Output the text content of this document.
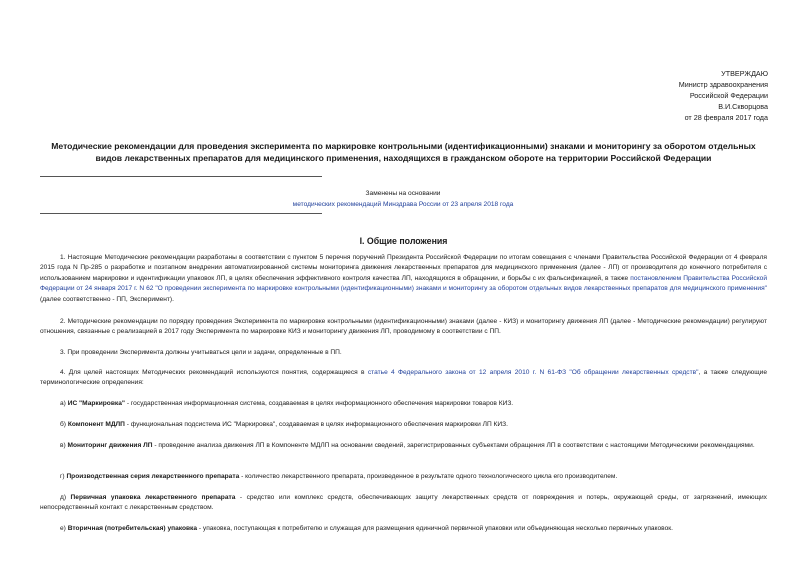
УТВЕРЖДАЮ
Министр здравоохранения
Российской Федерации
В.И.Скворцова
от 28 февраля 2017 года
Методические рекомендации для проведения эксперимента по маркировке контрольными (идентификационными) знаками и мониторингу за оборотом отдельных видов лекарственных препаратов для медицинского применения, находящихся в гражданском обороте на территории Российской Федерации
Заменены на основании
методических рекомендаций Минздрава России от 23 апреля 2018 года
I. Общие положения
1. Настоящие Методические рекомендации разработаны в соответствии с пунктом 5 перечня поручений Президента Российской Федерации по итогам совещания с членами Правительства Российской Федерации от 4 февраля 2015 года N Пр-285 о разработке и поэтапном внедрении автоматизированной системы мониторинга движения лекарственных препаратов для медицинского применения (далее - ЛП) от производителя до конечного потребителя с использованием маркировки и идентификации упаковок ЛП, в целях обеспечения эффективного контроля качества ЛП, находящихся в обращении, и борьбы с их фальсификацией, в также постановлением Правительства Российской Федерации от 24 января 2017 г. N 62 "О проведении эксперимента по маркировке контрольными (идентификационными) знаками и мониторингу за оборотом отдельных видов лекарственных препаратов для медицинского применения" (далее соответственно - ПП, Эксперимент).
2. Методические рекомендации по порядку проведения Эксперимента по маркировке контрольными (идентификационными) знаками (далее - КИЗ) и мониторингу движения ЛП (далее - Методические рекомендации) регулируют отношения, связанные с реализацией в 2017 году Эксперимента по маркировке КИЗ и мониторингу движения ЛП, проводимому в соответствии с ПП.
3. При проведении Эксперимента должны учитываться цели и задачи, определенные в ПП.
4. Для целей настоящих Методических рекомендаций используются понятия, содержащиеся в статье 4 Федерального закона от 12 апреля 2010 г. N 61-ФЗ "Об обращении лекарственных средств", а также следующие терминологические определения:
а) ИС "Маркировка" - государственная информационная система, создаваемая в целях информационного обеспечения маркировки товаров КИЗ.
б) Компонент МДЛП - функциональная подсистема ИС "Маркировка", создаваемая в целях информационного обеспечения маркировки ЛП КИЗ.
в) Мониторинг движения ЛП - проведение анализа движения ЛП в Компоненте МДЛП на основании сведений, зарегистрированных субъектами обращения ЛП в соответствии с настоящими Методическими рекомендациями.
г) Производственная серия лекарственного препарата - количество лекарственного препарата, произведенное в результате одного технологического цикла его производителем.
д) Первичная упаковка лекарственного препарата - средство или комплекс средств, обеспечивающих защиту лекарственных средств от повреждения и потерь, окружающей среды, от загрязнений, имеющих непосредственный контакт с лекарственным средством.
е) Вторичная (потребительская) упаковка - упаковка, поступающая к потребителю и служащая для размещения единичной первичной упаковки или объединяющая несколько первичных упаковок.
